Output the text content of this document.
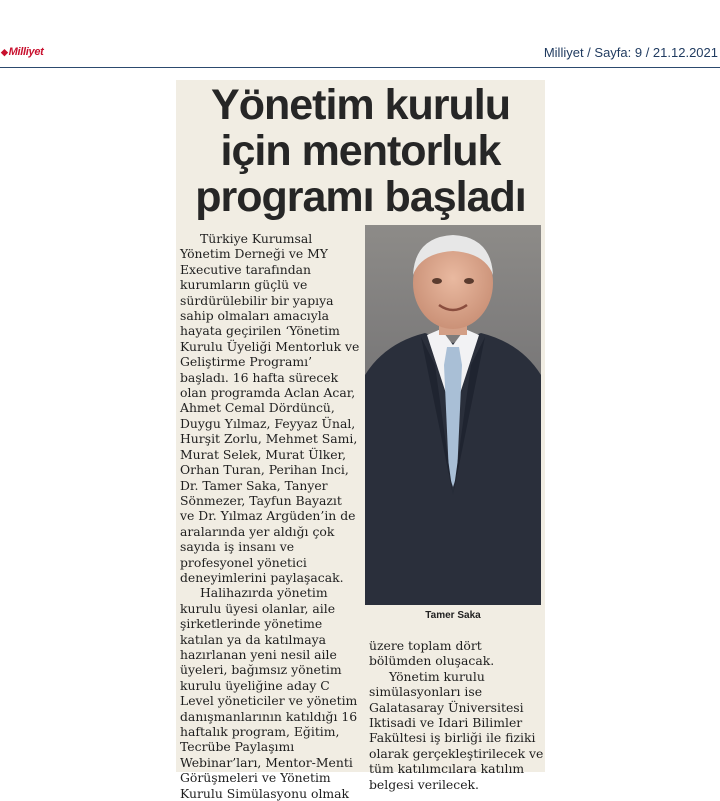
◆Milliyet	Milliyet / Sayfa: 9 / 21.12.2021
Yönetim kurulu
için mentorluk
programı başladı

Türkiye Kurumsal Yönetim Derneği ve MY Executive tarafından kurumların güçlü ve sürdürülebilir bir yapıya sahip olmaları amacıyla hayata geçirilen ‘Yönetim Kurulu Üyeliği Mentorluk ve Geliştirme Programı’ başladı. 16 hafta sürecek olan programda Aclan Acar, Ahmet Cemal Dördüncü, Duygu Yılmaz, Feyyaz Ünal, Hurşit Zorlu, Mehmet Sami, Murat Selek, Murat Ülker, Orhan Turan, Perihan Inci, Dr. Tamer Saka, Tanyer Sönmezer, Tayfun Bayazıt ve Dr. Yılmaz Argüden’in de aralarında yer aldığı çok sayıda iş insanı ve profesyonel yönetici deneyimlerini paylaşacak.

Halihazırda yönetim kurulu üyesi olanlar, aile şirketlerinde yönetime katılan ya da katılmaya hazırlanan yeni nesil aile üyeleri, bağımsız yönetim kurulu üyeliğine aday C Level yöneticiler ve yönetim danışmanlarının katıldığı 16 haftalık program, Eğitim, Tecrübe Paylaşımı Webinar’ları, Mentor-Menti Görüşmeleri ve Yönetim Kurulu Simülasyonu olmak

Tamer Saka

üzere toplam dört bölümden oluşacak.

Yönetim kurulu simülasyonları ise Galatasaray Üniversitesi Iktisadi ve Idari Bilimler Fakültesi iş birliği ile fiziki olarak gerçekleştirilecek ve tüm katılımcılara katılım belgesi verilecek.
